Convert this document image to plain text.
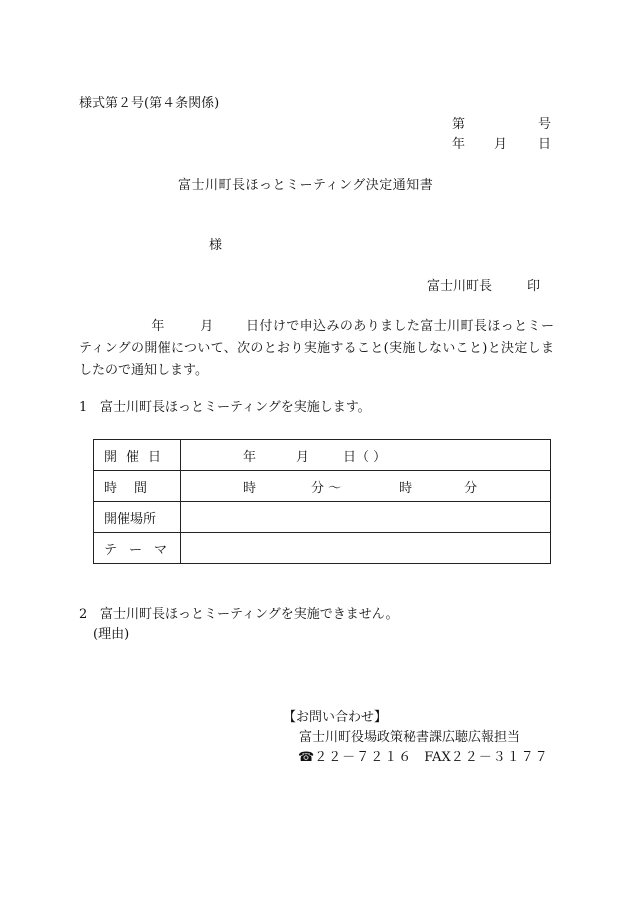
様式第２号(第４条関係)
第	号
年 月 日
富士川町長ほっとミーティング決定通知書
様
富士川町長	印
年	月 日付けで申込みのありました富士川町長ほっとミーティングの開催について、次のとおり実施すること(実施しないこと)と決定しましたので通知します。
1 富士川町長ほっとミーティングを実施します。
開催日	年 月 日（ ）
時間	時 分 〜 時 分
開催場所	
テーマ	
2 富士川町長ほっとミーティングを実施できません。
(理由)
【お問い合わせ】
富士川町役場政策秘書課広聴広報担当
☎２２－７２１６ FAX２２－３１７７
